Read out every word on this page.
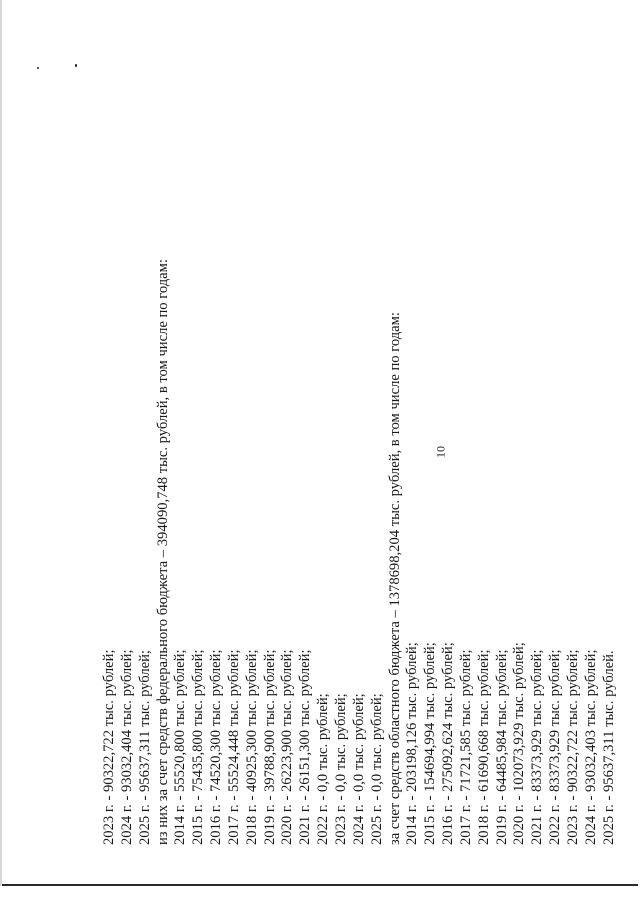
10
2023 г. - 90322,722 тыс. рублей; 2024 г. - 93032,404 тыс. рублей; 2025 г. - 95637,311 тыс. рублей; из них за счет средств федерального бюджета – 394090,748 тыс. рублей, в том числе по годам: 2014 г. - 55520,800 тыс. рублей; 2015 г. - 75435,800 тыс. рублей; 2016 г. - 74520,300 тыс. рублей; 2017 г. - 55524,448 тыс. рублей; 2018 г. - 40925,300 тыс. рублей; 2019 г. - 39788,900 тыс. рублей; 2020 г. - 26223,900 тыс. рублей; 2021 г. - 26151,300 тыс. рублей; 2022 г. - 0,0 тыс. рублей; 2023 г. - 0,0 тыс. рублей; 2024 г. - 0,0 тыс. рублей; 2025 г. - 0,0 тыс. рублей; за счет средств областного бюджета – 1378698,204 тыс. рублей, в том числе по годам: 2014 г. - 203198,126 тыс. рублей; 2015 г. - 154694,994 тыс. рублей; 2016 г. - 275092,624 тыс. рублей; 2017 г. - 71721,585 тыс. рублей; 2018 г. - 61690,668 тыс. рублей; 2019 г. - 64485,984 тыс. рублей; 2020 г. - 102073,929 тыс. рублей; 2021 г. - 83373,929 тыс. рублей; 2022 г. - 83373,929 тыс. рублей; 2023 г. - 90322,722 тыс. рублей; 2024 г. - 93032,403 тыс. рублей; 2025 г. - 95637,311 тыс. рублей.
